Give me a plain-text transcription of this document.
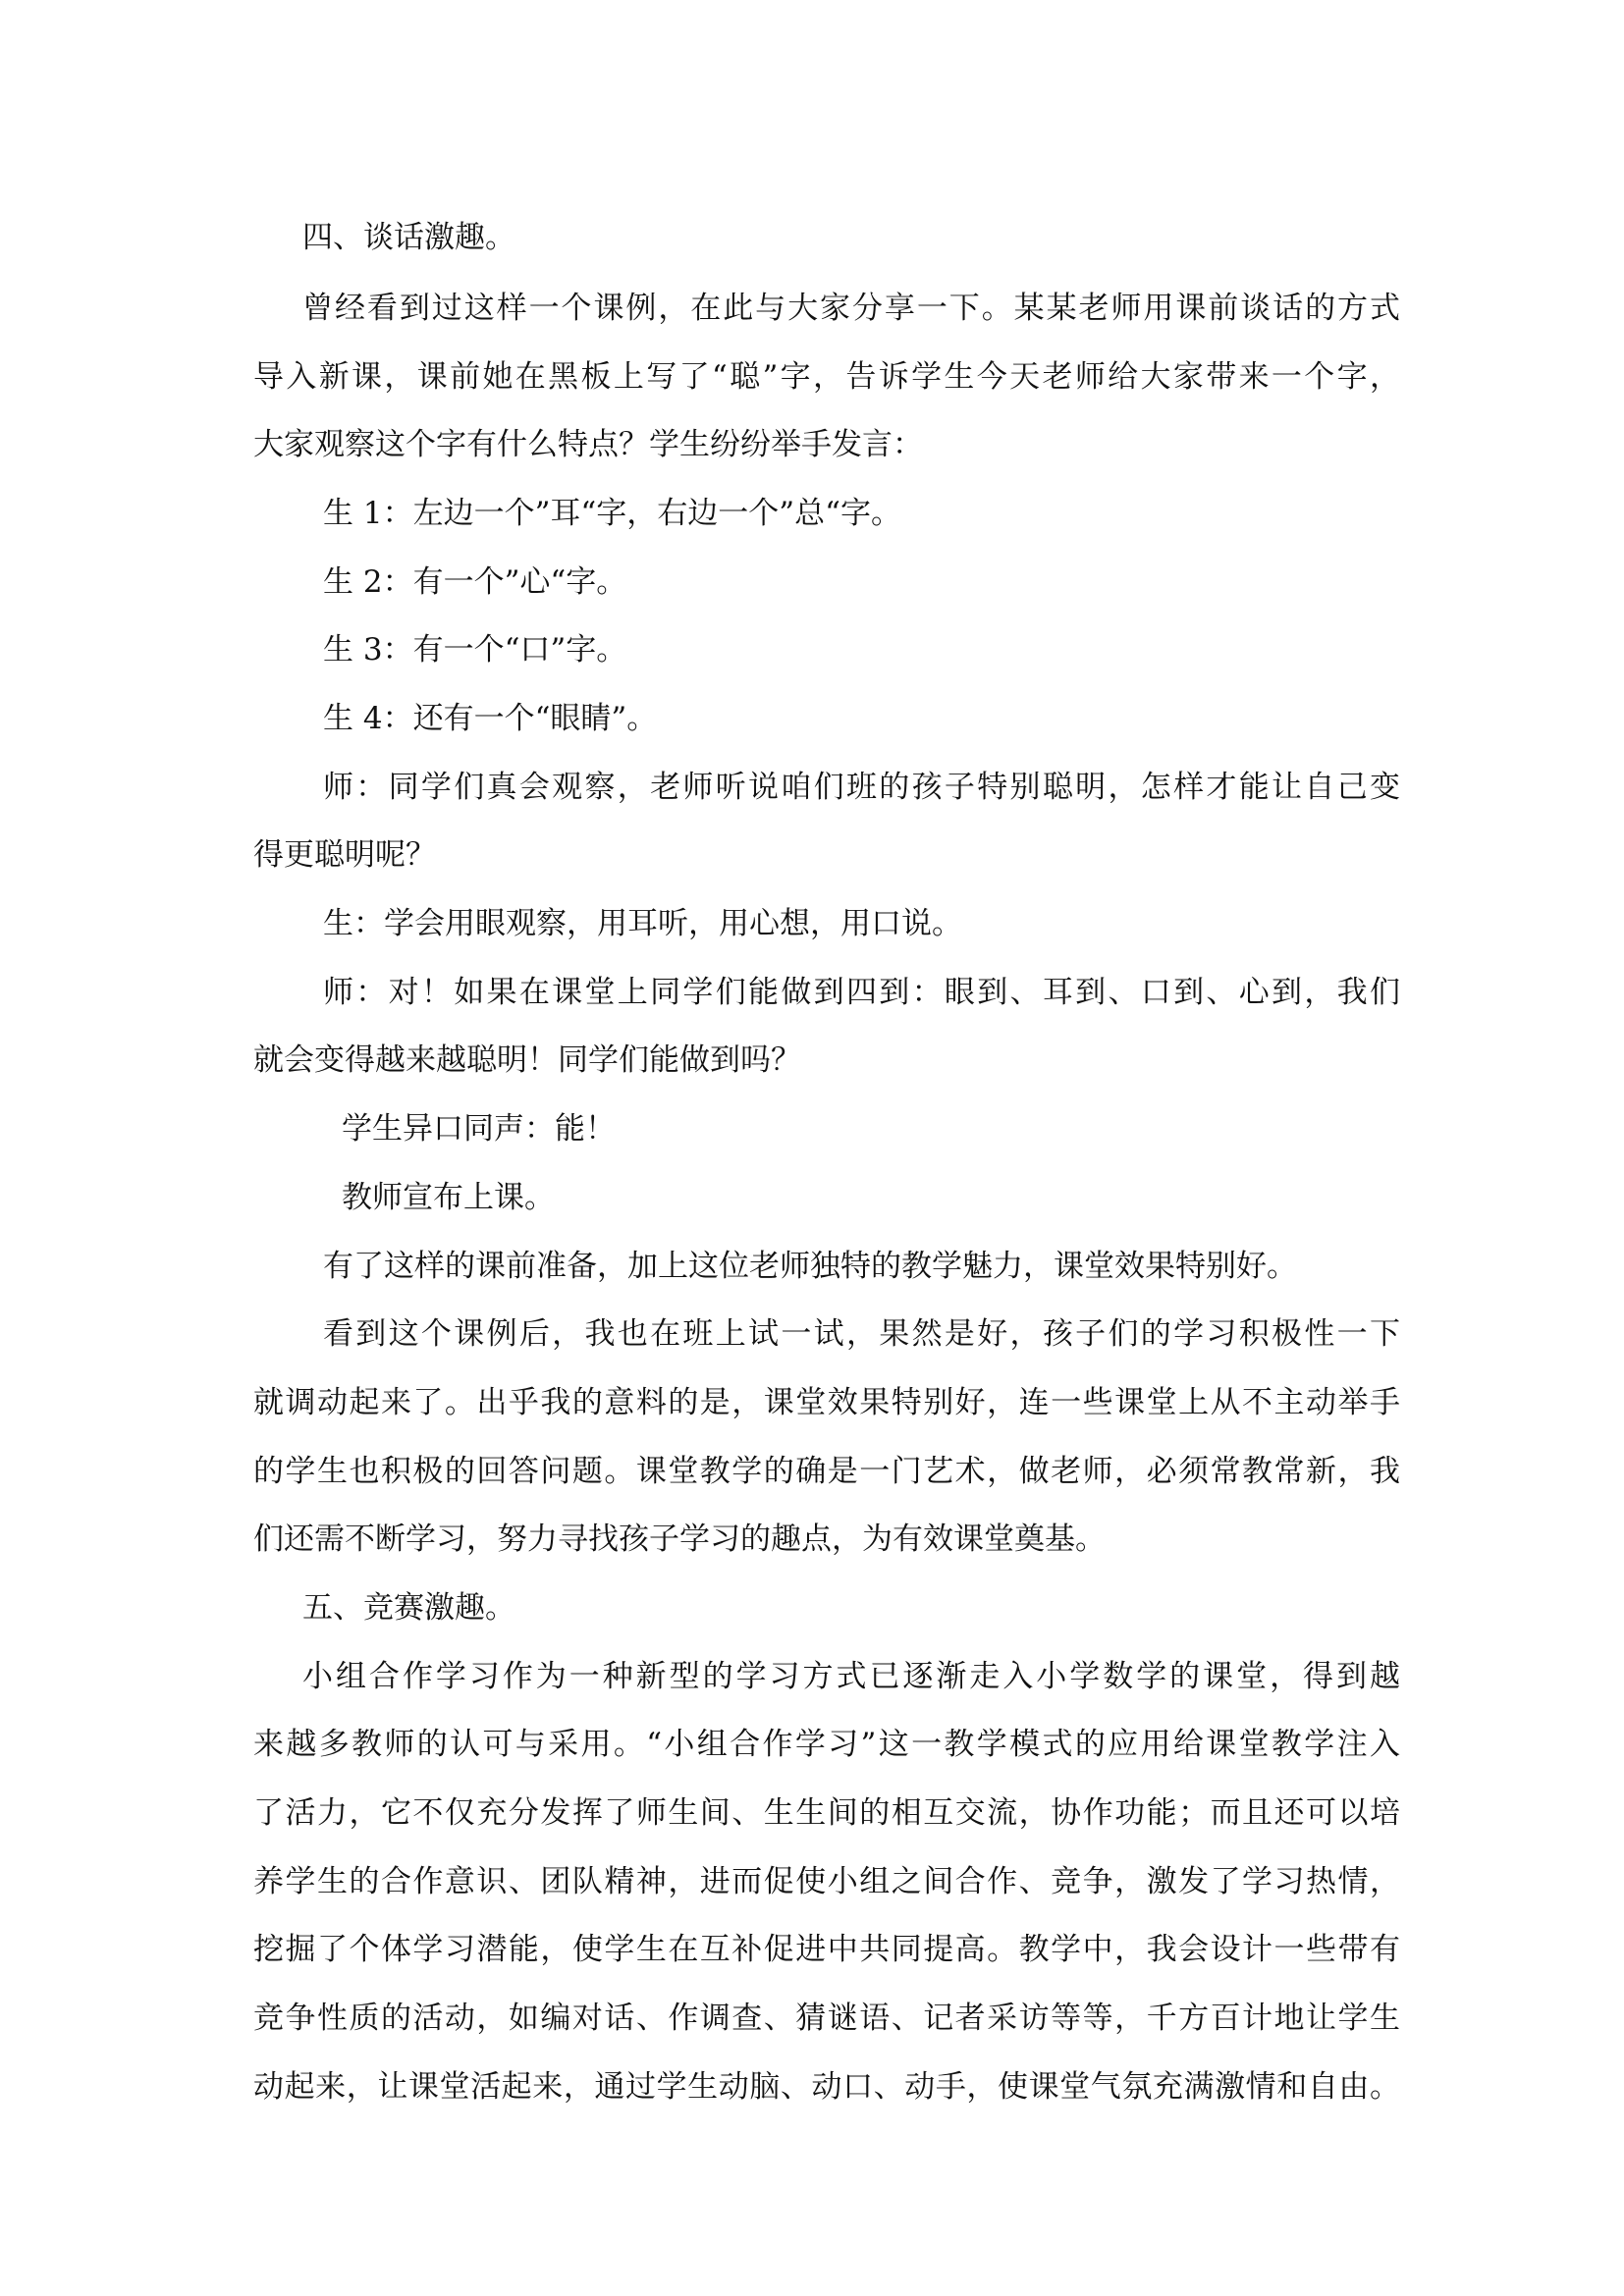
四、谈话激趣。
曾经看到过这样一个课例，在此与大家分享一下。某某老师用课前谈话的方式
导入新课，课前她在黑板上写了“聪”字，告诉学生今天老师给大家带来一个字，
大家观察这个字有什么特点？学生纷纷举手发言：
生 1：左边一个”耳“字，右边一个”总“字。
生 2：有一个”心“字。
生 3：有一个“口”字。
生 4：还有一个“眼睛”。
师：同学们真会观察，老师听说咱们班的孩子特别聪明，怎样才能让自己变
得更聪明呢？
生：学会用眼观察，用耳听，用心想，用口说。
师：对！如果在课堂上同学们能做到四到：眼到、耳到、口到、心到，我们
就会变得越来越聪明！同学们能做到吗？
学生异口同声：能！
教师宣布上课。
有了这样的课前准备，加上这位老师独特的教学魅力，课堂效果特别好。
看到这个课例后，我也在班上试一试，果然是好，孩子们的学习积极性一下
就调动起来了。出乎我的意料的是，课堂效果特别好，连一些课堂上从不主动举手
的学生也积极的回答问题。课堂教学的确是一门艺术，做老师，必须常教常新，我
们还需不断学习，努力寻找孩子学习的趣点，为有效课堂奠基。
五、竞赛激趣。
小组合作学习作为一种新型的学习方式已逐渐走入小学数学的课堂，得到越
来越多教师的认可与采用。“小组合作学习”这一教学模式的应用给课堂教学注入
了活力，它不仅充分发挥了师生间、生生间的相互交流，协作功能；而且还可以培
养学生的合作意识、团队精神，进而促使小组之间合作、竞争，激发了学习热情，
挖掘了个体学习潜能，使学生在互补促进中共同提高。教学中，我会设计一些带有
竞争性质的活动，如编对话、作调查、猜谜语、记者采访等等，千方百计地让学生
动起来，让课堂活起来，通过学生动脑、动口、动手，使课堂气氛充满激情和自由。
